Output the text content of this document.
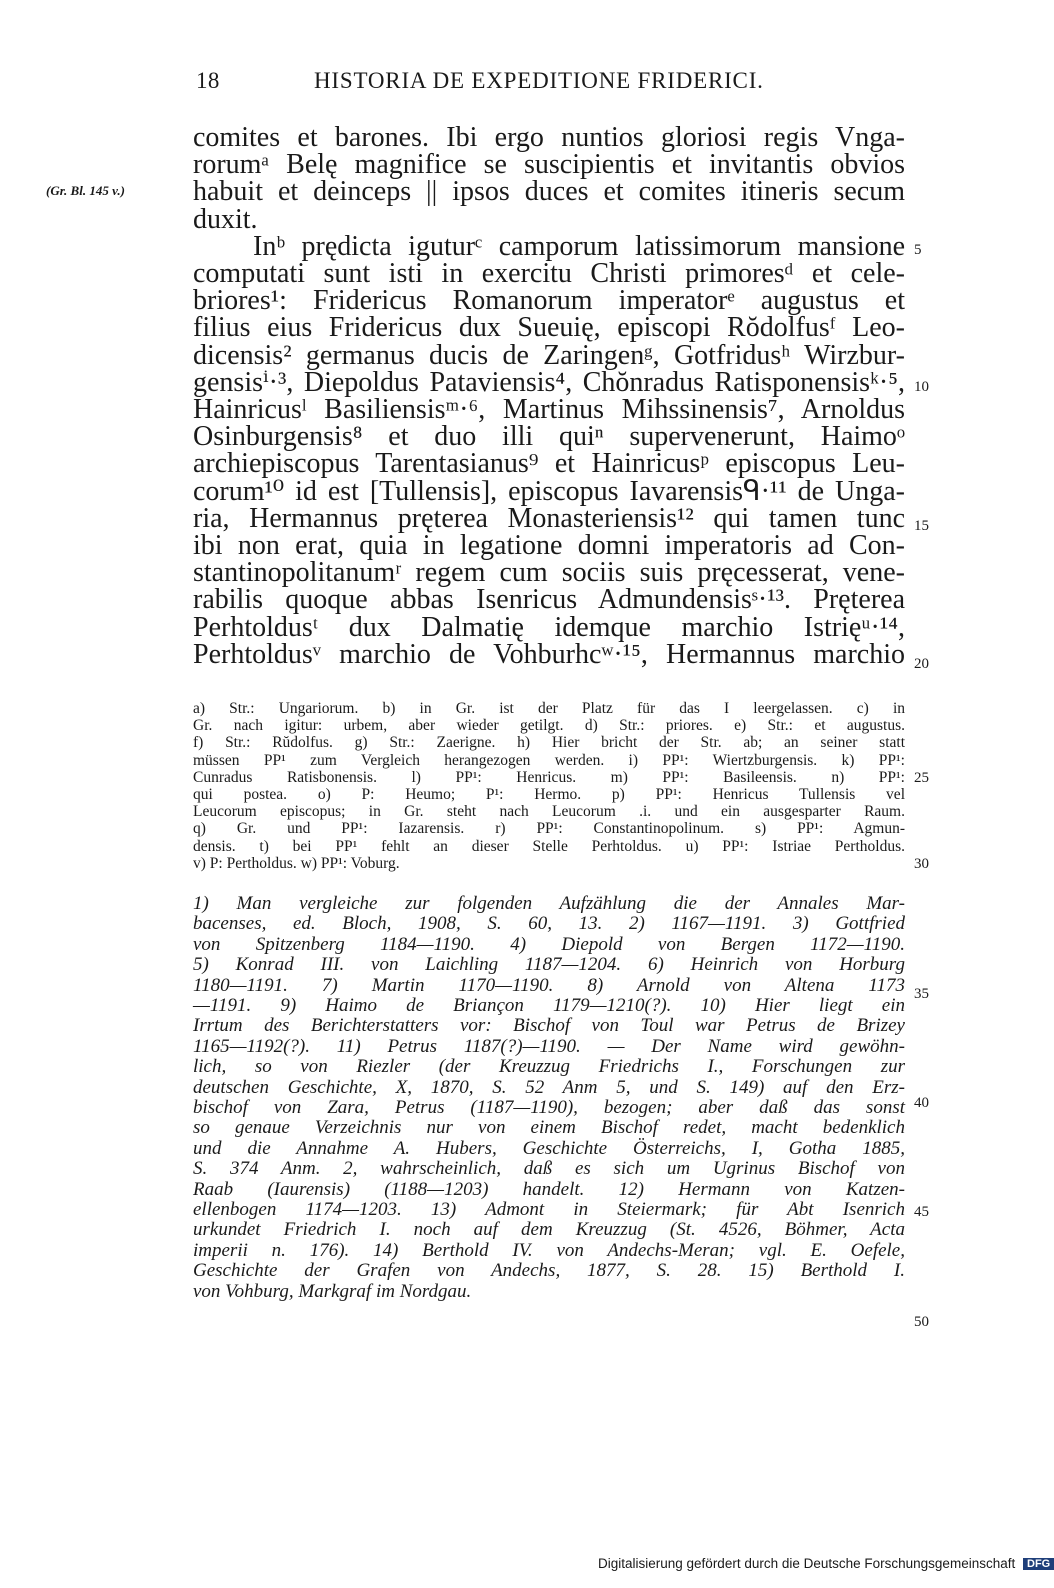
18	HISTORIA DE EXPEDITIONE FRIDERICI.
(Gr. Bl. 145 v.)
comites et barones. Ibi ergo nuntios gloriosi regis Vnga-
rorumᵃ Belę magnifice se suscipientis et invitantis obvios
habuit et deinceps || ipsos duces et comites itineris secum
duxit.
Inᵇ prędicta iguturᶜ camporum latissimorum mansione
computati sunt isti in exercitu Christi primoresᵈ et cele-
briores¹: Fridericus Romanorum imperatorᵉ augustus et
filius eius Fridericus dux Sueuię, episcopi Rŏdolfusᶠ Leo-
dicensis² germanus ducis de Zaringenᵍ, Gotfridusʰ Wirzbur-
gensisⁱ·³, Diepoldus Pataviensis⁴, Chŏnradus Ratisponensisᵏ·⁵,
Hainricusˡ Basiliensisᵐ·⁶, Martinus Mihssinensis⁷, Arnoldus
Osinburgensis⁸ et duo illi quiⁿ supervenerunt, Haimoᵒ
archiepiscopus Tarentasianus⁹ et Hainricusᵖ episcopus Leu-
corum¹⁰ id est [Tullensis], episcopus Iavarensisᑫ·¹¹ de Unga-
ria, Hermannus pręterea Monasteriensis¹² qui tamen tunc
ibi non erat, quia in legatione domni imperatoris ad Con-
stantinopolitanumʳ regem cum sociis suis pręcesserat, vene-
rabilis quoque abbas Isenricus Admundensisˢ·¹³. Pręterea
Perhtoldusᵗ dux Dalmatię idemque marchio Istrięᵘ·¹⁴,
Perhtoldusᵛ marchio de Vohburhcʷ·¹⁵, Hermannus marchio
a) Str.: Ungariorum. b) in Gr. ist der Platz für das I leergelassen. c) in
Gr. nach igitur: urbem, aber wieder getilgt. d) Str.: priores. e) Str.: et augustus.
f) Str.: Rŭdolfus. g) Str.: Zaerigne. h) Hier bricht der Str. ab; an seiner statt
müssen PP¹ zum Vergleich herangezogen werden. i) PP¹: Wiertzburgensis. k) PP¹:
Cunradus Ratisbonensis. l) PP¹: Henricus. m) PP¹: Basileensis. n) PP¹:
qui postea. o) P: Heumo; P¹: Hermo. p) PP¹: Henricus Tullensis vel
Leucorum episcopus; in Gr. steht nach Leucorum .i. und ein ausgesparter Raum.
q) Gr. und PP¹: Iazarensis. r) PP¹: Constantinopolinum. s) PP¹: Agmun-
densis. t) bei PP¹ fehlt an dieser Stelle Perhtoldus. u) PP¹: Istriae Pertholdus.
v) P: Pertholdus. w) PP¹: Voburg.
1) Man vergleiche zur folgenden Aufzählung die der Annales Mar-
bacenses, ed. Bloch, 1908, S. 60, 13. 2) 1167—1191. 3) Gottfried
von Spitzenberg 1184—1190. 4) Diepold von Bergen 1172—1190.
5) Konrad III. von Laichling 1187—1204. 6) Heinrich von Horburg
1180—1191. 7) Martin 1170—1190. 8) Arnold von Altena 1173
—1191. 9) Haimo de Briançon 1179—1210(?). 10) Hier liegt ein
Irrtum des Berichterstatters vor: Bischof von Toul war Petrus de Brizey
1165—1192(?). 11) Petrus 1187(?)—1190. — Der Name wird gewöhn-
lich, so von Riezler (der Kreuzzug Friedrichs I., Forschungen zur
deutschen Geschichte, X, 1870, S. 52 Anm 5, und S. 149) auf den Erz-
bischof von Zara, Petrus (1187—1190), bezogen; aber daß das sonst
so genaue Verzeichnis nur von einem Bischof redet, macht bedenklich
und die Annahme A. Hubers, Geschichte Österreichs, I, Gotha 1885,
S. 374 Anm. 2, wahrscheinlich, daß es sich um Ugrinus Bischof von
Raab (Iaurensis) (1188—1203) handelt. 12) Hermann von Katzen-
ellenbogen 1174—1203. 13) Admont in Steiermark; für Abt Isenrich
urkundet Friedrich I. noch auf dem Kreuzzug (St. 4526, Böhmer, Acta
imperii n. 176). 14) Berthold IV. von Andechs-Meran; vgl. E. Oefele,
Geschichte der Grafen von Andechs, 1877, S. 28. 15) Berthold I.
von Vohburg, Markgraf im Nordgau.
5
10
15
20
25
30
35
40
45
50
Digitalisierung gefördert durch die Deutsche Forschungsgemeinschaft DFG
